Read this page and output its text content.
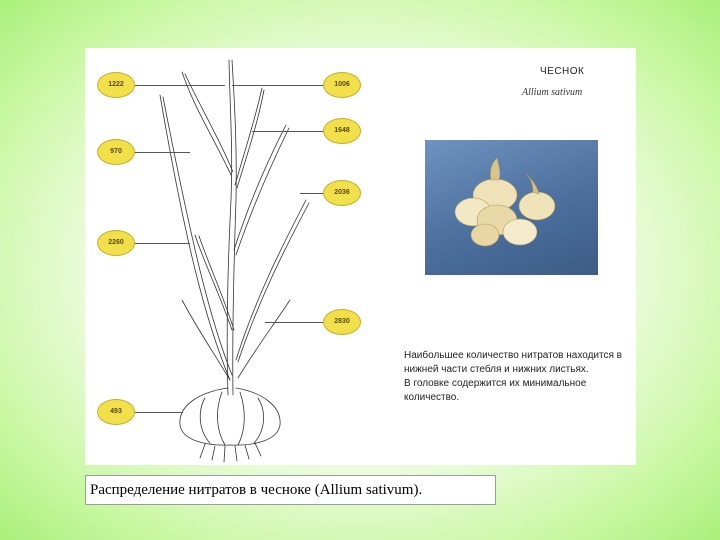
1222
970
2260
493
1006
1648
2036
2830
ЧЕСНОК
Allium sativum

Наибольшее количество нитратов находится в нижней части стебля и нижних листьях.

В головке содержится их минимальное количество.

Распределение нитратов в чесноке (Allium sativum).
